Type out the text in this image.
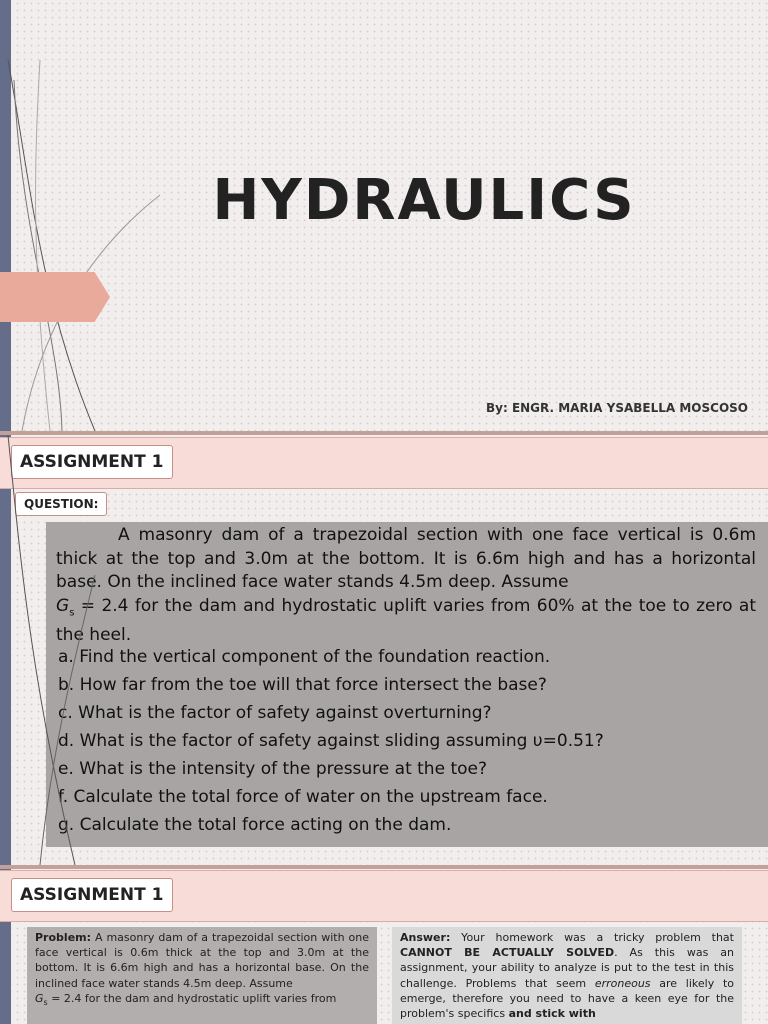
HYDRAULICS
By: ENGR. MARIA YSABELLA MOSCOSO
ASSIGNMENT 1
QUESTION:
A masonry dam of a trapezoidal section with one face vertical is 0.6m thick at the top and 3.0m at the bottom. It is 6.6m high and has a horizontal base. On the inclined face water stands 4.5m deep. Assume
$G_s = 2.4$ for the dam and hydrostatic uplift varies from 60% at the toe to zero at the heel.
a. Find the vertical component of the foundation reaction.
b. How far from the toe will that force intersect the base?
c. What is the factor of safety against overturning?
d. What is the factor of safety against sliding assuming υ=0.51?
e. What is the intensity of the pressure at the toe?
f. Calculate the total force of water on the upstream face.
g. Calculate the total force acting on the dam.
ASSIGNMENT 1
Problem: A masonry dam of a trapezoidal section with one face vertical is 0.6m thick at the top and 3.0m at the bottom. It is 6.6m high and has a horizontal base. On the inclined face water stands 4.5m deep. Assume
$G_s = 2.4$ for the dam and hydrostatic uplift varies from
Answer: Your homework was a tricky problem that CANNOT BE ACTUALLY SOLVED. As this was an assignment, your ability to analyze is put to the test in this challenge. Problems that seem erroneous are likely to emerge, therefore you need to have a keen eye for the problem's specifics and stick with
